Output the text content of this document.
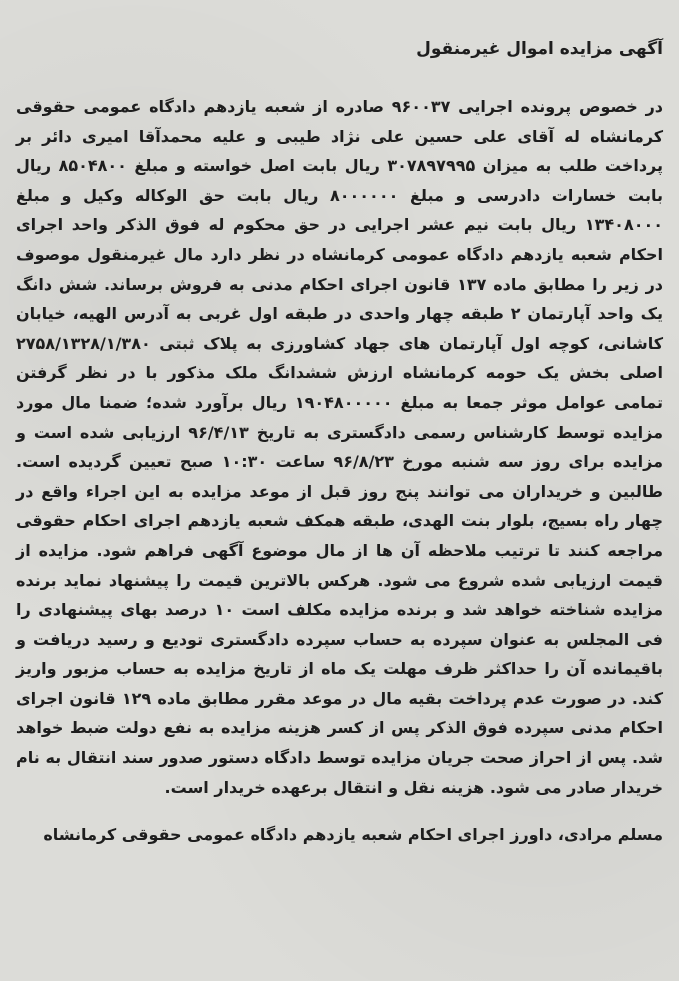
آگهی مزایده اموال غیرمنقول

در خصوص پرونده اجرایی ۹۶۰۰۳۷ صادره از شعبه یازدهم دادگاه عمومی حقوقی کرمانشاه له آقای علی حسین علی نژاد طیبی و علیه محمدآقا امیری دائر بر پرداخت طلب به میزان ۳۰۷۸۹۷۹۹۵ ریال بابت اصل خواسته و مبلغ ۸۵۰۴۸۰۰ ریال بابت خسارات دادرسی و مبلغ ۸۰۰۰۰۰۰ ریال بابت حق الوکاله وکیل و مبلغ ۱۳۴۰۸۰۰۰ ریال بابت نیم عشر اجرایی در حق محکوم له فوق الذکر واحد اجرای احکام شعبه یازدهم دادگاه عمومی کرمانشاه در نظر دارد مال غیرمنقول موصوف در زیر را مطابق ماده ۱۳۷ قانون اجرای احکام مدنی به فروش برساند. شش دانگ یک واحد آپارتمان ۲ طبقه چهار واحدی در طبقه اول غربی به آدرس الهیه، خیابان کاشانی، کوچه اول آپارتمان های جهاد کشاورزی به پلاک ثبتی ۲۷۵۸/۱۳۲۸/۱/۳۸۰ اصلی بخش یک حومه کرمانشاه ارزش ششدانگ ملک مذکور با در نظر گرفتن تمامی عوامل موثر جمعا به مبلغ ۱۹۰۴۸۰۰۰۰۰ ریال برآورد شده؛ ضمنا مال مورد مزایده توسط کارشناس رسمی دادگستری به تاریخ ۹۶/۴/۱۳ ارزیابی شده است و مزایده برای روز سه شنبه مورخ ۹۶/۸/۲۳ ساعت ۱۰:۳۰ صبح تعیین گردیده است. طالبین و خریداران می توانند پنج روز قبل از موعد مزایده به این اجراء واقع در چهار راه بسیج، بلوار بنت الهدی، طبقه همکف شعبه یازدهم اجرای احکام حقوقی مراجعه کنند تا ترتیب ملاحظه آن ها از مال موضوع آگهی فراهم شود. مزایده از قیمت ارزیابی شده شروع می شود. هرکس بالاترین قیمت را پیشنهاد نماید برنده مزایده شناخته خواهد شد و برنده مزایده مکلف است ۱۰ درصد بهای پیشنهادی را فی المجلس به عنوان سپرده به حساب سپرده دادگستری تودیع و رسید دریافت و باقیمانده آن را حداکثر ظرف مهلت یک ماه از تاریخ مزایده به حساب مزبور واریز کند. در صورت عدم پرداخت بقیه مال در موعد مقرر مطابق ماده ۱۲۹ قانون اجرای احکام مدنی سپرده فوق الذکر پس از کسر هزینه مزایده به نفع دولت ضبط خواهد شد. پس از احراز صحت جریان مزایده توسط دادگاه دستور صدور سند انتقال به نام خریدار صادر می شود. هزینه نقل و انتقال برعهده خریدار است.

مسلم مرادی، داورز اجرای احکام شعبه یازدهم دادگاه عمومی حقوقی کرمانشاه
